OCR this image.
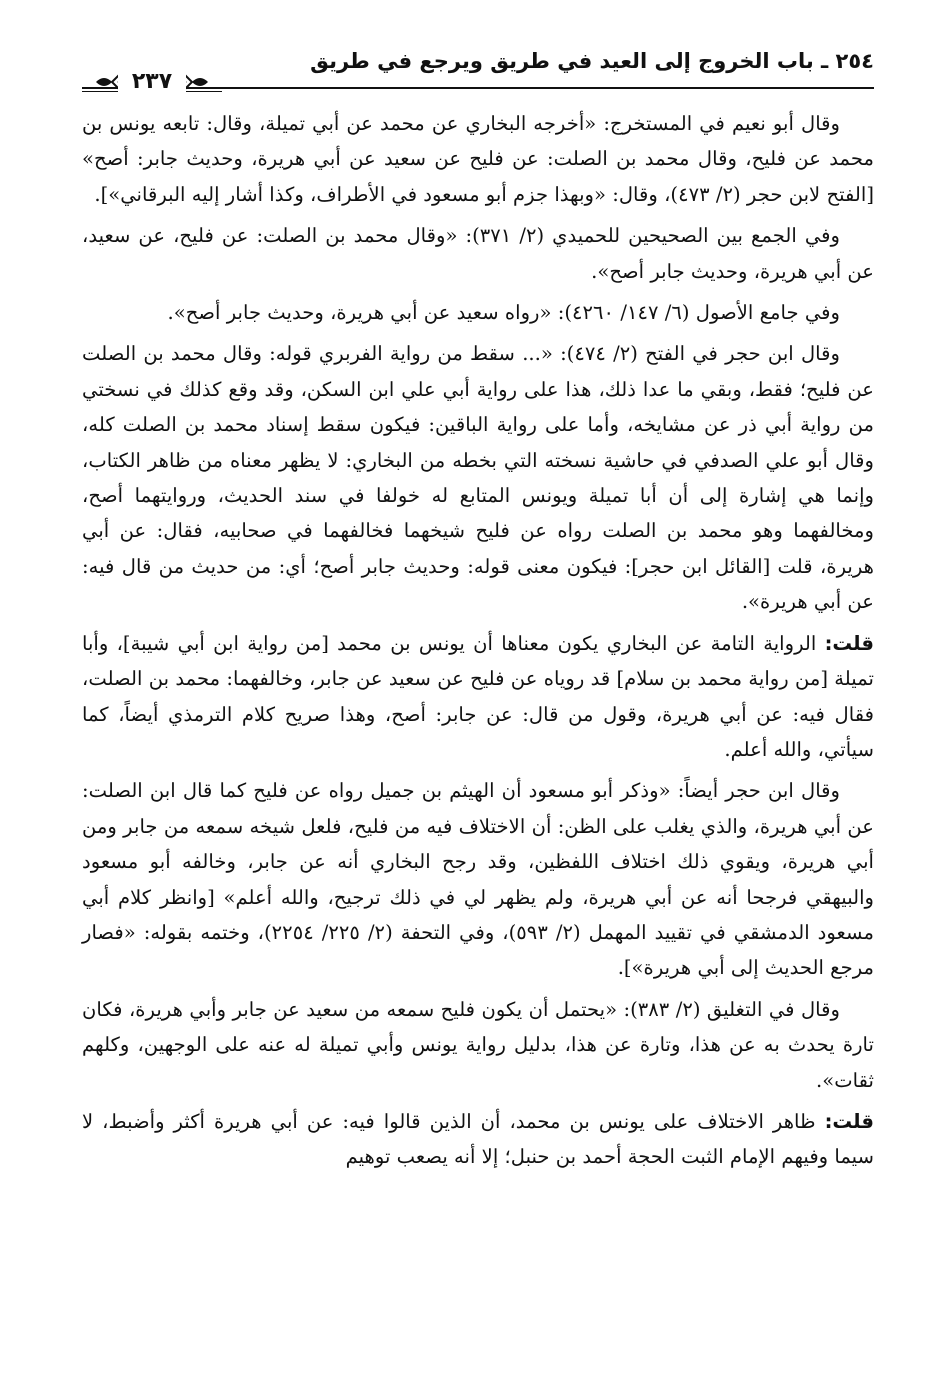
٢٥٤ ـ باب الخروج إلى العيد في طريق ويرجع في طريق
٢٣٧

وقال أبو نعيم في المستخرج: «أخرجه البخاري عن محمد عن أبي تميلة، وقال: تابعه يونس بن محمد عن فليح، وقال محمد بن الصلت: عن فليح عن سعيد عن أبي هريرة، وحديث جابر: أصح» [الفتح لابن حجر (٢/ ٤٧٣)، وقال: «وبهذا جزم أبو مسعود في الأطراف، وكذا أشار إليه البرقاني»].

وفي الجمع بين الصحيحين للحميدي (٢/ ٣٧١): «وقال محمد بن الصلت: عن فليح، عن سعيد، عن أبي هريرة، وحديث جابر أصح».

وفي جامع الأصول (٦/ ١٤٧/ ٤٢٦٠): «رواه سعيد عن أبي هريرة، وحديث جابر أصح».

وقال ابن حجر في الفتح (٢/ ٤٧٤): «... سقط من رواية الفربري قوله: وقال محمد بن الصلت عن فليح؛ فقط، وبقي ما عدا ذلك، هذا على رواية أبي علي ابن السكن، وقد وقع كذلك في نسختي من رواية أبي ذر عن مشايخه، وأما على رواية الباقين: فيكون سقط إسناد محمد بن الصلت كله، وقال أبو علي الصدفي في حاشية نسخته التي بخطه من البخاري: لا يظهر معناه من ظاهر الكتاب، وإنما هي إشارة إلى أن أبا تميلة ويونس المتابع له خولفا في سند الحديث، وروايتهما أصح، ومخالفهما وهو محمد بن الصلت رواه عن فليح شيخهما فخالفهما في صحابيه، فقال: عن أبي هريرة، قلت [القائل ابن حجر]: فيكون معنى قوله: وحديث جابر أصح؛ أي: من حديث من قال فيه: عن أبي هريرة».

قلت: الرواية التامة عن البخاري يكون معناها أن يونس بن محمد [من رواية ابن أبي شيبة]، وأبا تميلة [من رواية محمد بن سلام] قد روياه عن فليح عن سعيد عن جابر، وخالفهما: محمد بن الصلت، فقال فيه: عن أبي هريرة، وقول من قال: عن جابر: أصح، وهذا صريح كلام الترمذي أيضاً، كما سيأتي، والله أعلم.

وقال ابن حجر أيضاً: «وذكر أبو مسعود أن الهيثم بن جميل رواه عن فليح كما قال ابن الصلت: عن أبي هريرة، والذي يغلب على الظن: أن الاختلاف فيه من فليح، فلعل شيخه سمعه من جابر ومن أبي هريرة، ويقوي ذلك اختلاف اللفظين، وقد رجح البخاري أنه عن جابر، وخالفه أبو مسعود والبيهقي فرجحا أنه عن أبي هريرة، ولم يظهر لي في ذلك ترجيح، والله أعلم» [وانظر كلام أبي مسعود الدمشقي في تقييد المهمل (٢/ ٥٩٣)، وفي التحفة (٢/ ٢٢٥/ ٢٢٥٤)، وختمه بقوله: «فصار مرجع الحديث إلى أبي هريرة»].

وقال في التغليق (٢/ ٣٨٣): «يحتمل أن يكون فليح سمعه من سعيد عن جابر وأبي هريرة، فكان تارة يحدث به عن هذا، وتارة عن هذا، بدليل رواية يونس وأبي تميلة له عنه على الوجهين، وكلهم ثقات».

قلت: ظاهر الاختلاف على يونس بن محمد، أن الذين قالوا فيه: عن أبي هريرة أكثر وأضبط، لا سيما وفيهم الإمام الثبت الحجة أحمد بن حنبل؛ إلا أنه يصعب توهيم
